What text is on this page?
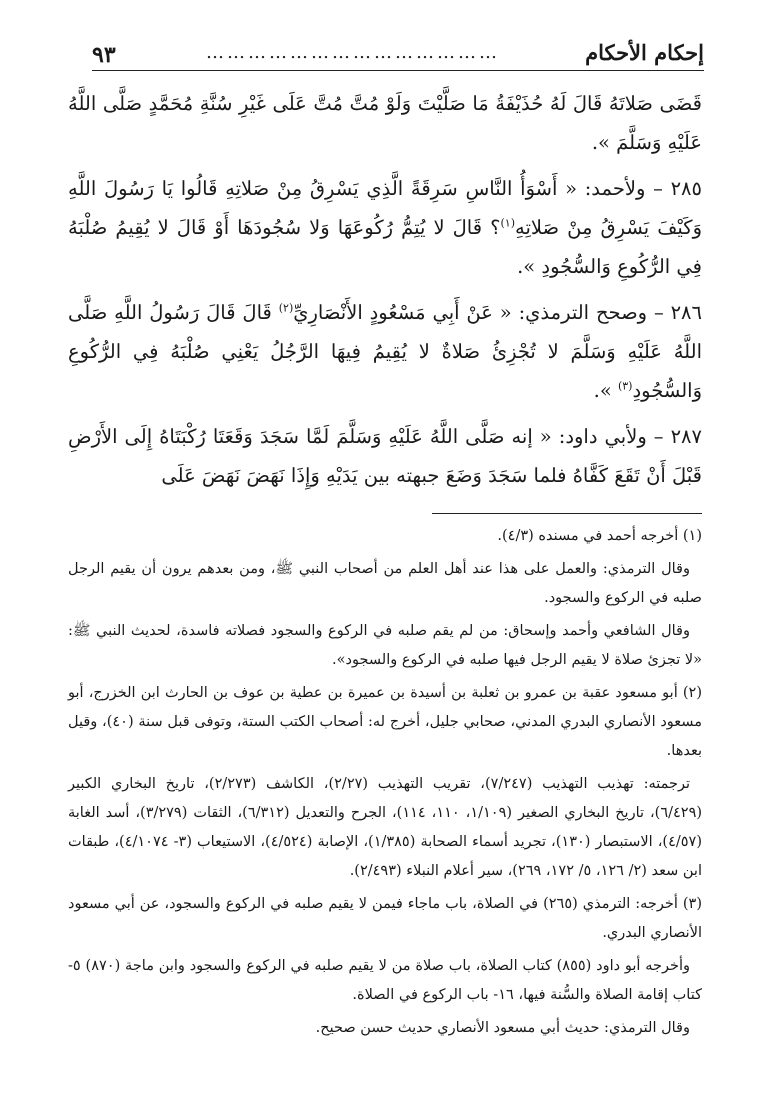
٩٣	……………………………………	إحكام الأحكام

قَضَى صَلاتَهُ قَالَ لَهُ حُذَيْفَةُ مَا صَلَّيْتَ وَلَوْ مُتَّ مُتَّ عَلَى غَيْرِ سُنَّةِ مُحَمَّدٍ صَلَّى اللَّهُ عَلَيْهِ وَسَلَّمَ ».

٢٨٥ – ولأحمد: « أَسْوَأُ النَّاسِ سَرِقَةً الَّذِي يَسْرِقُ مِنْ صَلاتِهِ قَالُوا يَا رَسُولَ اللَّهِ وَكَيْفَ يَسْرِقُ مِنْ صَلاتِهِ$^{(١)}$؟ قَالَ لا يُتِمُّ رُكُوعَهَا وَلا سُجُودَهَا أَوْ قَالَ لا يُقِيمُ صُلْبَهُ فِي الرُّكُوعِ وَالسُّجُودِ ».

٢٨٦ – وصحح الترمذي: « عَنْ أَبِي مَسْعُودٍ الأَنْصَارِيِّ$^{(٢)}$ قَالَ قَالَ رَسُولُ اللَّهِ صَلَّى اللَّهُ عَلَيْهِ وَسَلَّمَ لا تُجْزِئُ صَلاةٌ لا يُقِيمُ فِيهَا الرَّجُلُ يَعْنِي صُلْبَهُ فِي الرُّكُوعِ وَالسُّجُودِ$^{(٣)}$ ».

٢٨٧ – ولأبي داود: « إنه صَلَّى اللَّهُ عَلَيْهِ وَسَلَّمَ لَمَّا سَجَدَ وَقَعَتَا رُكْبَتَاهُ إِلَى الأَرْضِ قَبْلَ أَنْ تَقَعَ كَفَّاهُ فلما سَجَدَ وَضَعَ جبهته بين يَدَيْهِ وَإِذَا نَهَضَ نَهَضَ عَلَى

(١) أخرجه أحمد في مسنده (٤/٣).

وقال الترمذي: والعمل على هذا عند أهل العلم من أصحاب النبي ﷺ، ومن بعدهم يرون أن يقيم الرجل صلبه في الركوع والسجود.

وقال الشافعي وأحمد وإسحاق: من لم يقم صلبه في الركوع والسجود فصلاته فاسدة، لحديث النبي ﷺ: «لا تجزئ صلاة لا يقيم الرجل فيها صلبه في الركوع والسجود».

(٢) أبو مسعود عقبة بن عمرو بن ثعلبة بن أسيدة بن عميرة بن عطية بن عوف بن الحارث ابن الخزرج، أبو مسعود الأنصاري البدري المدني، صحابي جليل، أخرج له: أصحاب الكتب الستة، وتوفى قبل سنة (٤٠)، وقيل بعدها.

ترجمته: تهذيب التهذيب (٧/٢٤٧)، تقريب التهذيب (٢/٢٧)، الكاشف (٢/٢٧٣)، تاريخ البخاري الكبير (٦/٤٢٩)، تاريخ البخاري الصغير (١/١٠٩، ١١٠، ١١٤)، الجرح والتعديل (٦/٣١٢)، الثقات (٣/٢٧٩)، أسد الغابة (٤/٥٧)، الاستبصار (١٣٠)، تجريد أسماء الصحابة (١/٣٨٥)، الإصابة (٤/٥٢٤)، الاستيعاب (٣- ٤/١٠٧٤)، طبقات ابن سعد (٢/ ١٢٦، ٥/ ١٧٢، ٢٦٩)، سير أعلام النبلاء (٢/٤٩٣).

(٣) أخرجه: الترمذي (٢٦٥) في الصلاة، باب ماجاء فيمن لا يقيم صلبه في الركوع والسجود، عن أبي مسعود الأنصاري البدري.

وأخرجه أبو داود (٨٥٥) كتاب الصلاة، باب صلاة من لا يقيم صلبه في الركوع والسجود وابن ماجة (٨٧٠) ٥- كتاب إقامة الصلاة والسُّنة فيها، ١٦- باب الركوع في الصلاة.

وقال الترمذي: حديث أبي مسعود الأنصاري حديث حسن صحيح.
